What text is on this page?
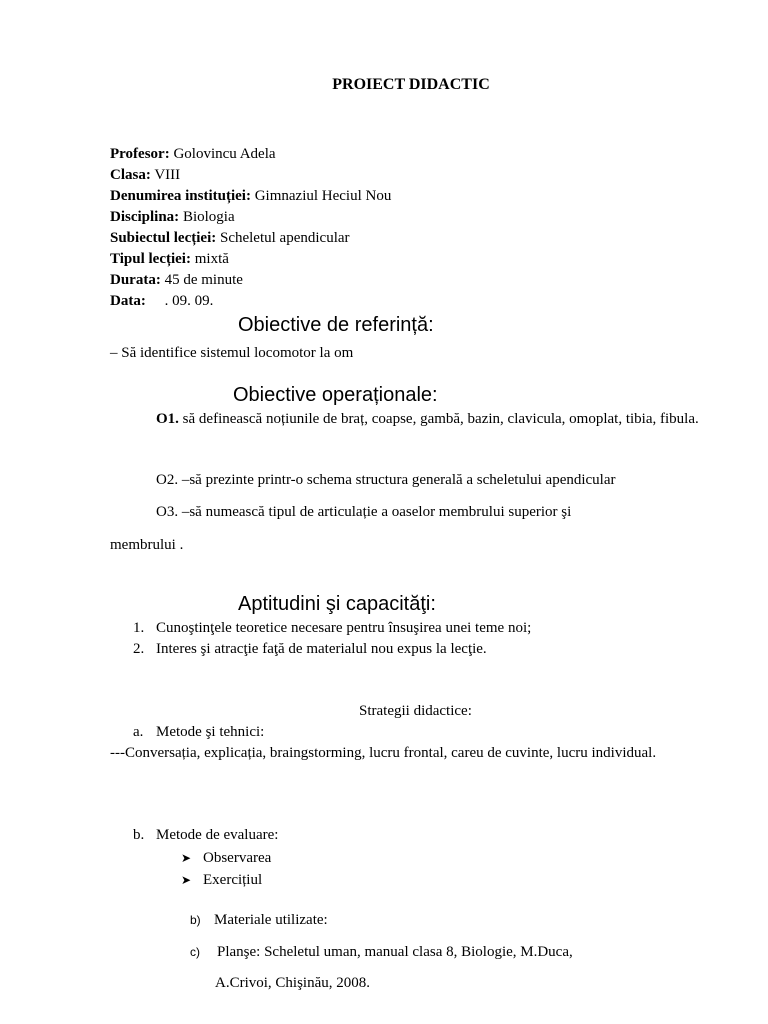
PROIECT DIDACTIC
Profesor: Golovincu Adela
Clasa: VIII
Denumirea instituției: Gimnaziul Heciul Nou
Disciplina: Biologia
Subiectul lecției: Scheletul apendicular
Tipul lecției: mixtă
Durata: 45 de minute
Data:     . 09. 09.
Obiective de referință:
– Să identifice sistemul locomotor la om
Obiective operaționale:
O1. să definească noțiunile de braț, coapse, gambă, bazin, clavicula, omoplat, tibia, fibula.
O2. –să prezinte printr-o schema structura generală a scheletului apendicular
O3. –să numească tipul de articulație a oaselor membrului superior şi
membrului .
Aptitudini şi capacităţi:
1. Cunoştinţele teoretice necesare pentru însuşirea unei teme noi;
2. Interes şi atracţie faţă de materialul nou expus la lecţie.
Strategii didactice:
a. Metode şi tehnici:
---Conversația, explicația, braingstorming, lucru frontal, careu de cuvinte, lucru individual.
b. Metode de evaluare:
➤ Observarea
➤ Exercițiul
b) Materiale utilizate:
c) Planşe: Scheletul uman, manual clasa 8, Biologie, M.Duca,
A.Crivoi, Chişinău, 2008.
